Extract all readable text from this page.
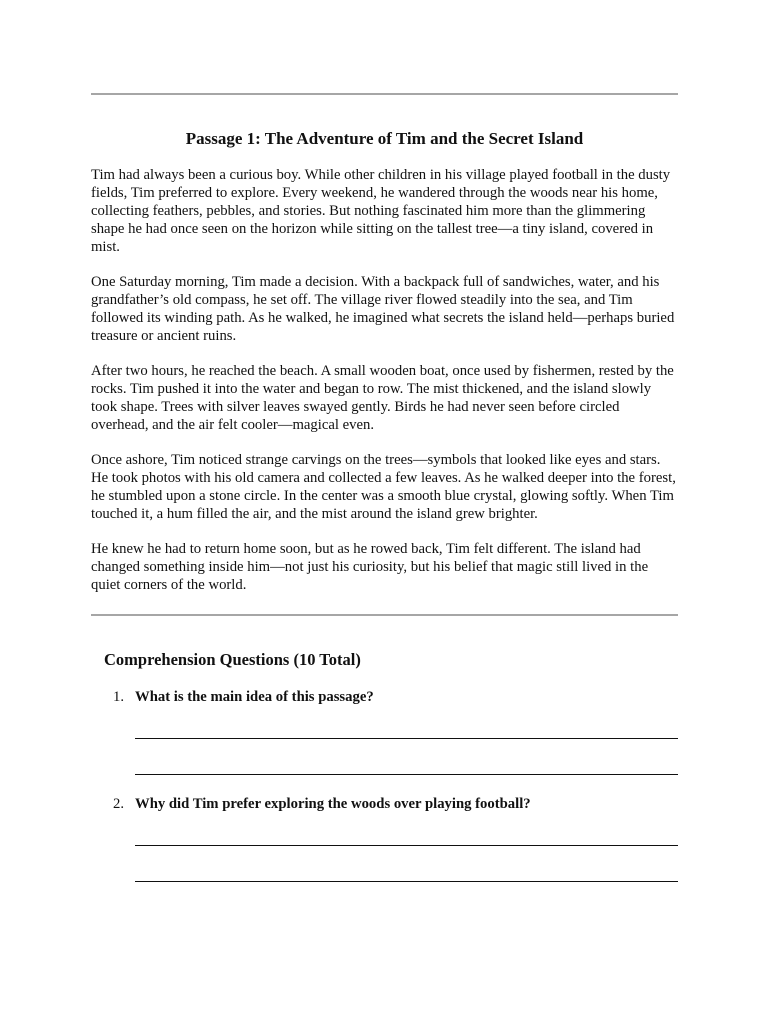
Passage 1: The Adventure of Tim and the Secret Island

Tim had always been a curious boy. While other children in his village played football in the dusty fields, Tim preferred to explore. Every weekend, he wandered through the woods near his home, collecting feathers, pebbles, and stories. But nothing fascinated him more than the glimmering shape he had once seen on the horizon while sitting on the tallest tree—a tiny island, covered in mist.

One Saturday morning, Tim made a decision. With a backpack full of sandwiches, water, and his grandfather’s old compass, he set off. The village river flowed steadily into the sea, and Tim followed its winding path. As he walked, he imagined what secrets the island held—perhaps buried treasure or ancient ruins.

After two hours, he reached the beach. A small wooden boat, once used by fishermen, rested by the rocks. Tim pushed it into the water and began to row. The mist thickened, and the island slowly took shape. Trees with silver leaves swayed gently. Birds he had never seen before circled overhead, and the air felt cooler—magical even.

Once ashore, Tim noticed strange carvings on the trees—symbols that looked like eyes and stars. He took photos with his old camera and collected a few leaves. As he walked deeper into the forest, he stumbled upon a stone circle. In the center was a smooth blue crystal, glowing softly. When Tim touched it, a hum filled the air, and the mist around the island grew brighter.

He knew he had to return home soon, but as he rowed back, Tim felt different. The island had changed something inside him—not just his curiosity, but his belief that magic still lived in the quiet corners of the world.

Comprehension Questions (10 Total)
1. What is the main idea of this passage?
2. Why did Tim prefer exploring the woods over playing football?
